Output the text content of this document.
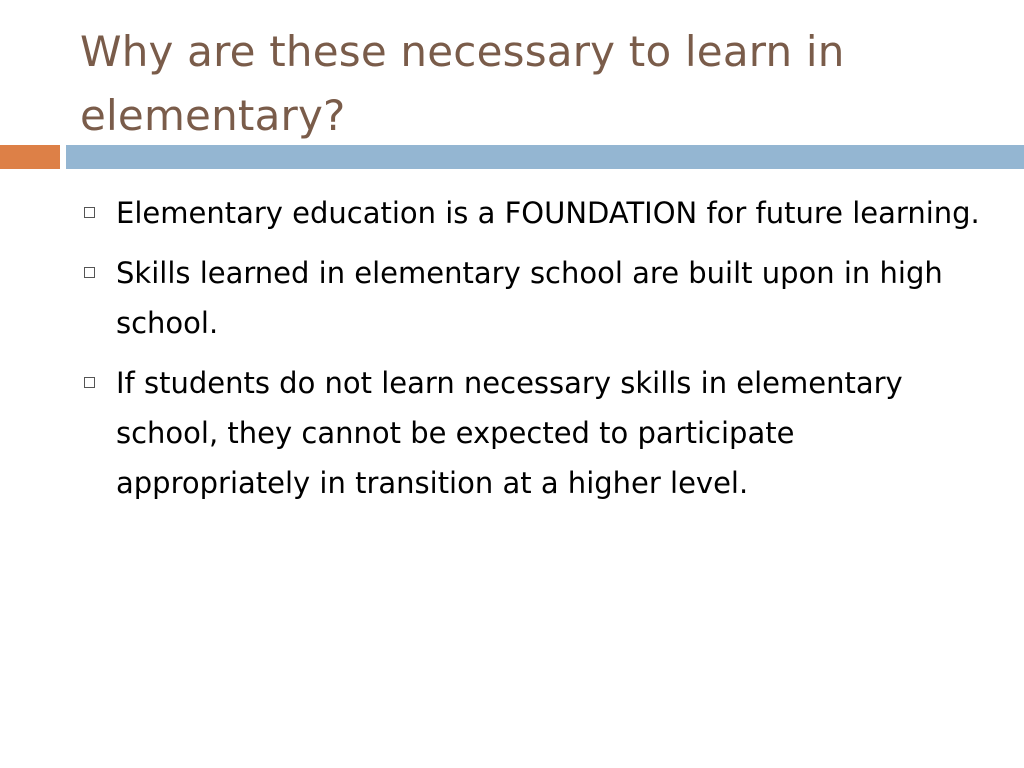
Why are these necessary to learn in elementary?
Elementary education is a FOUNDATION for future learning.
Skills learned in elementary school are built upon in high school.
If students do not learn necessary skills in elementary school, they cannot be expected to participate appropriately in transition at a higher level.
